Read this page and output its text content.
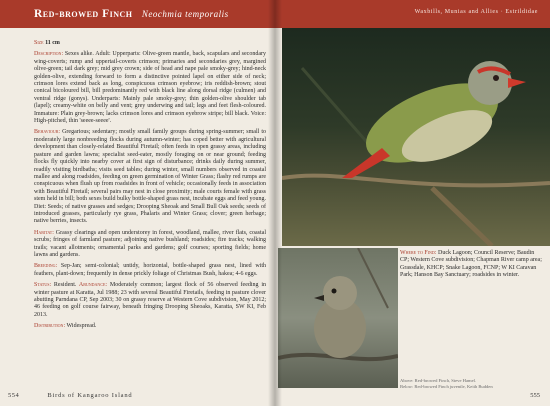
Red-browed Finch Neochmia temporalis	Waxbills, Munias and Allies · Estrildidae

Size 11 cm

Description: Sexes alike. Adult: Upperparts: Olive-green mantle, back, scapulars and secondary wing-coverts; rump and uppertail-coverts crimson; primaries and secondaries grey, margined olive-green; tail dark grey; mid grey crown; side of head and nape pale smoky-grey; hind-neck golden-olive, extending forward to form a distinctive pointed lapel on either side of neck; crimson lores extend back as long, conspicuous crimson eyebrow; iris reddish-brown; stout conical bicoloured bill, bill predominantly red with black line along dorsal ridge (culmen) and ventral ridge (gonys). Underparts: Mainly pale smoky-grey; thin golden-olive shoulder tab (lapel); creamy-white on belly and vent; grey underwing and tail; legs and feet flesh-coloured. Immature: Plain grey-brown; lacks crimson lores and crimson eyebrow stripe; bill black. Voice: High-pitched, thin 'seeee-seeee'.

Behaviour: Gregarious; sedentary; mostly small family groups during spring-summer; small to moderately large nonbreeding flocks during autumn-winter; has coped better with agricultural development than closely-related Beautiful Firetail; often feeds in open grassy areas, including pasture and garden lawns; specialist seed-eater, mostly foraging on or near ground; feeding flocks fly quickly into nearby cover at first sign of disturbance; drinks daily during summer, readily visiting birdbaths; visits seed tables; during winter, small numbers observed in coastal mallee and along roadsides, feeding on green germination of Winter Grass; flashy red rumps are conspicuous when flush up from roadsides in front of vehicle; occasionally feeds in association with Beautiful Firetail; several pairs may nest in close proximity; male courts female with grass stem held in bill; both sexes build bulky bottle-shaped grass nest, incubate eggs and feed young. Diet: Seeds; of native grasses and sedges; Drooping Sheoak and Small Bull Oak seeds; seeds of introduced grasses, particularly rye grass, Phalaris and Winter Grass; clover; green herbage; native berries, insects.

Habitat: Grassy clearings and open understorey in forest, woodland, mallee, river flats, coastal scrubs; fringes of farmland pasture; adjoining native bushland; roadsides; fire tracks; walking trails; vacant allotments; ornamental parks and gardens; golf courses; sporting fields; home lawns and gardens.

Breeding: Sep-Jan; semi-colonial; untidy, horizontal, bottle-shaped grass nest, lined with feathers, plant-down; frequently in dense prickly foliage of Christmas Bush, hakea; 4-6 eggs.

Status: Resident. Abundance: Moderately common; largest flock of 56 observed feeding in winter pasture at Karatta, Jul 1988; 23 with several Beautiful Firetails, feeding in pasture clover abutting Parndana CP, Sep 2003; 30 on grassy reserve at Western Cove subdivision, May 2012; 46 feeding on golf course fairway, beneath fringing Drooping Sheoaks, Karatta, SW KI, Feb 2013.

Distribution: Widespread.

Where to Find: Duck Lagoon; Council Reserve; Baudin CP; Western Cove subdivision; Chapman River camp area; Grassdale, KHCP; Snake Lagoon, FCNP; W KI Caravan Park; Hanson Bay Sanctuary; roadsides in winter.
Above: Red-browed Finch, Steve Hamel.
Below: Red-browed Finch juvenile, Keith Budden
554	Birds of Kangaroo Island	555
